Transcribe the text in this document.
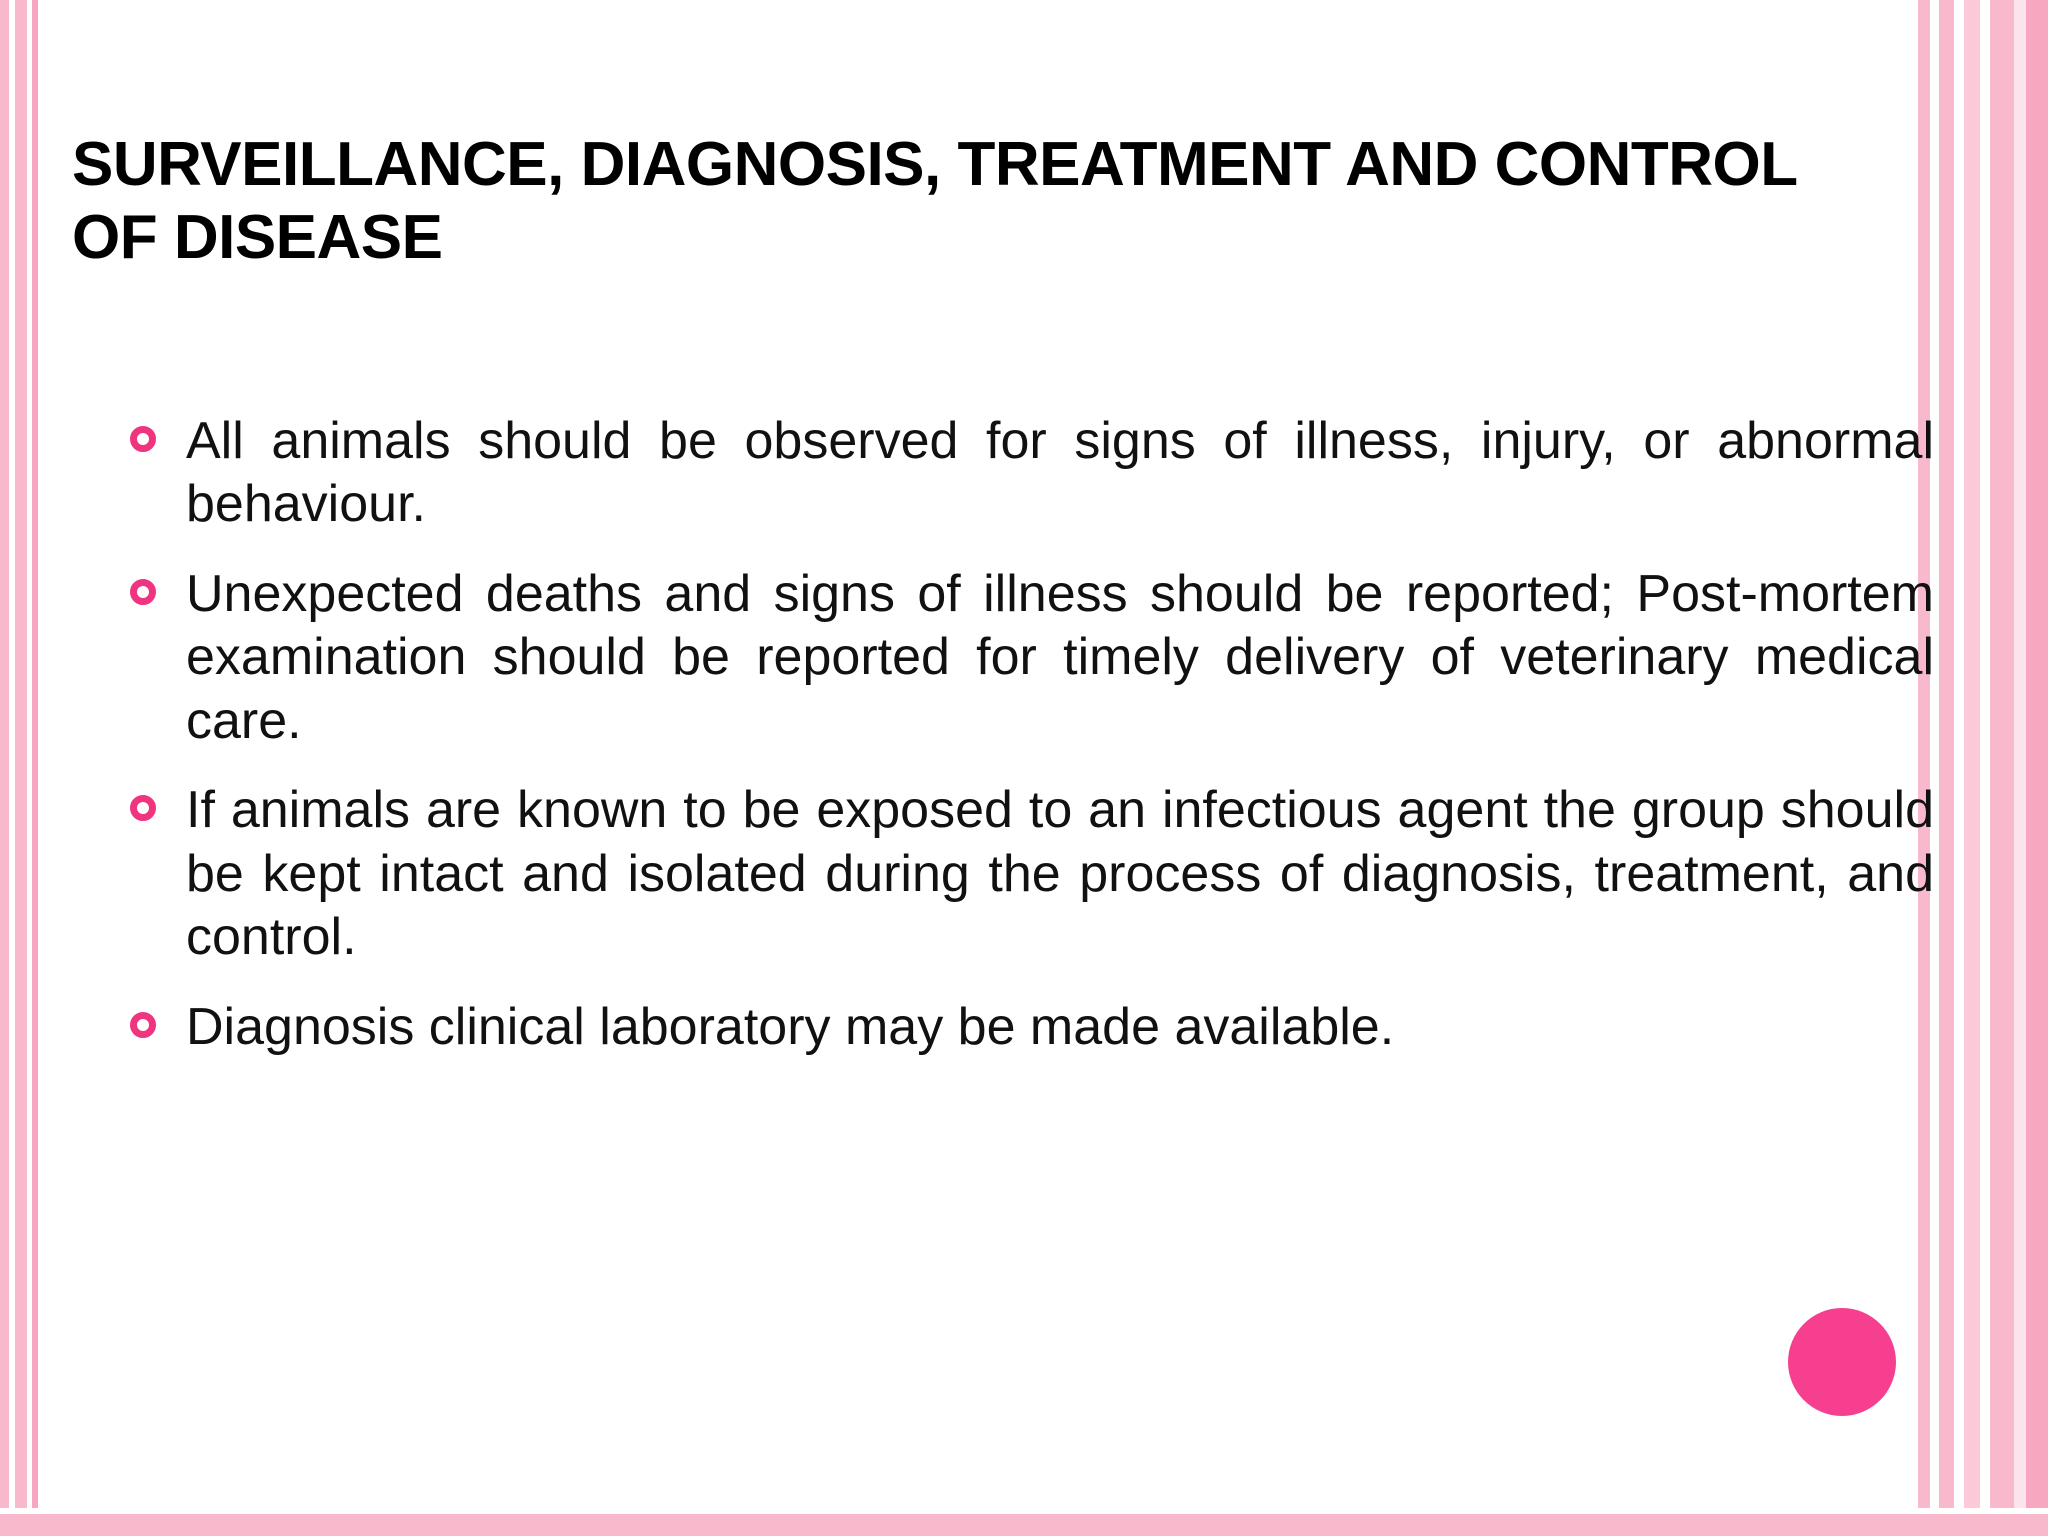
SURVEILLANCE, DIAGNOSIS, TREATMENT AND CONTROL OF DISEASE
All animals should be observed for signs of illness, injury, or abnormal behaviour.
Unexpected deaths and signs of illness should be reported; Post-mortem examination should be reported for timely delivery of veterinary medical care.
If animals are known to be exposed to an infectious agent the group should be kept intact and isolated during the process of diagnosis, treatment, and control.
Diagnosis clinical laboratory may be made available.
